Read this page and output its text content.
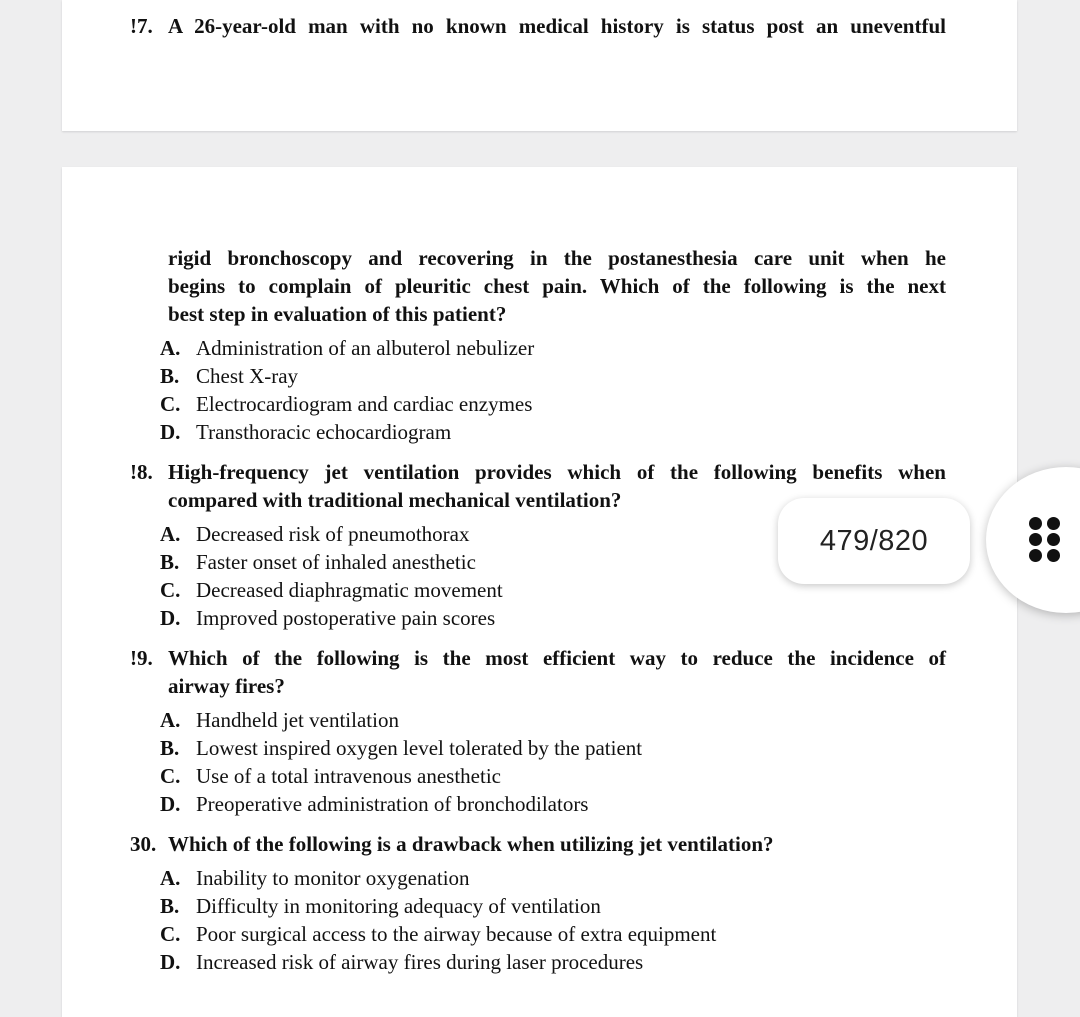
!7. A 26-year-old man with no known medical history is status post an uneventful
rigid bronchoscopy and recovering in the postanesthesia care unit when he
begins to complain of pleuritic chest pain. Which of the following is the next
best step in evaluation of this patient?
A. Administration of an albuterol nebulizer
B. Chest X-ray
C. Electrocardiogram and cardiac enzymes
D. Transthoracic echocardiogram
!8. High-frequency jet ventilation provides which of the following benefits when
compared with traditional mechanical ventilation?
A. Decreased risk of pneumothorax
B. Faster onset of inhaled anesthetic
C. Decreased diaphragmatic movement
D. Improved postoperative pain scores
!9. Which of the following is the most efficient way to reduce the incidence of
airway fires?
A. Handheld jet ventilation
B. Lowest inspired oxygen level tolerated by the patient
C. Use of a total intravenous anesthetic
D. Preoperative administration of bronchodilators
30. Which of the following is a drawback when utilizing jet ventilation?
A. Inability to monitor oxygenation
B. Difficulty in monitoring adequacy of ventilation
C. Poor surgical access to the airway because of extra equipment
D. Increased risk of airway fires during laser procedures
479/820
